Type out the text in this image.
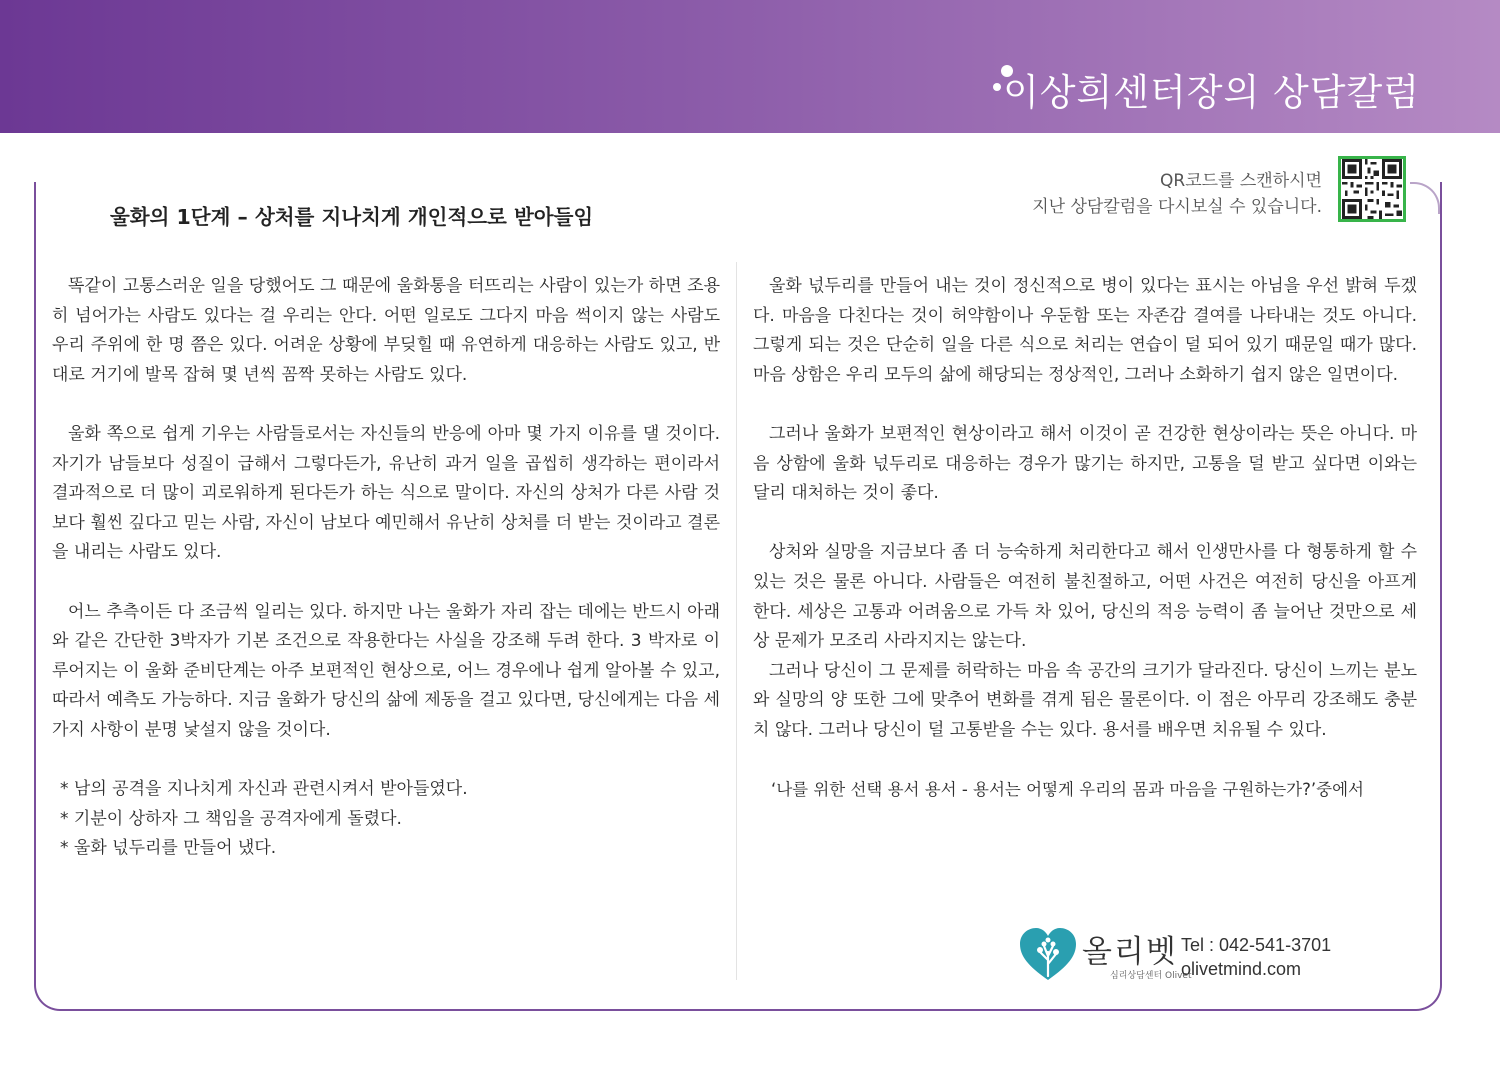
이상희센터장의 상담칼럼
울화의 1단계 – 상처를 지나치게 개인적으로 받아들임
QR코드를 스캔하시면
지난 상담칼럼을 다시보실 수 있습니다.

똑같이 고통스러운 일을 당했어도 그 때문에 울화통을 터뜨리는 사람이 있는가 하면 조용히 넘어가는 사람도 있다는 걸 우리는 안다. 어떤 일로도 그다지 마음 썩이지 않는 사람도 우리 주위에 한 명 쯤은 있다. 어려운 상황에 부딪힐 때 유연하게 대응하는 사람도 있고, 반대로 거기에 발목 잡혀 몇 년씩 꼼짝 못하는 사람도 있다.

울화 쪽으로 쉽게 기우는 사람들로서는 자신들의 반응에 아마 몇 가지 이유를 댈 것이다. 자기가 남들보다 성질이 급해서 그렇다든가, 유난히 과거 일을 곱씹히 생각하는 편이라서 결과적으로 더 많이 괴로워하게 된다든가 하는 식으로 말이다. 자신의 상처가 다른 사람 것보다 훨씬 깊다고 믿는 사람, 자신이 남보다 예민해서 유난히 상처를 더 받는 것이라고 결론을 내리는 사람도 있다.

어느 추측이든 다 조금씩 일리는 있다. 하지만 나는 울화가 자리 잡는 데에는 반드시 아래와 같은 간단한 3박자가 기본 조건으로 작용한다는 사실을 강조해 두려 한다. 3 박자로 이루어지는 이 울화 준비단계는 아주 보편적인 현상으로, 어느 경우에나 쉽게 알아볼 수 있고, 따라서 예측도 가능하다. 지금 울화가 당신의 삶에 제동을 걸고 있다면, 당신에게는 다음 세가지 사항이 분명 낯설지 않을 것이다.

* 남의 공격을 지나치게 자신과 관련시켜서 받아들였다.
* 기분이 상하자 그 책임을 공격자에게 돌렸다.
* 울화 넋두리를 만들어 냈다.

울화 넋두리를 만들어 내는 것이 정신적으로 병이 있다는 표시는 아님을 우선 밝혀 두겠다. 마음을 다친다는 것이 허약함이나 우둔함 또는 자존감 결여를 나타내는 것도 아니다. 그렇게 되는 것은 단순히 일을 다른 식으로 처리는 연습이 덜 되어 있기 때문일 때가 많다. 마음 상함은 우리 모두의 삶에 해당되는 정상적인, 그러나 소화하기 쉽지 않은 일면이다.

그러나 울화가 보편적인 현상이라고 해서 이것이 곧 건강한 현상이라는 뜻은 아니다. 마음 상함에 울화 넋두리로 대응하는 경우가 많기는 하지만, 고통을 덜 받고 싶다면 이와는 달리 대처하는 것이 좋다.

상처와 실망을 지금보다 좀 더 능숙하게 처리한다고 해서 인생만사를 다 형통하게 할 수 있는 것은 물론 아니다. 사람들은 여전히 불친절하고, 어떤 사건은 여전히 당신을 아프게 한다. 세상은 고통과 어려움으로 가득 차 있어, 당신의 적응 능력이 좀 늘어난 것만으로 세상 문제가 모조리 사라지지는 않는다.

그러나 당신이 그 문제를 허락하는 마음 속 공간의 크기가 달라진다. 당신이 느끼는 분노와 실망의 양 또한 그에 맞추어 변화를 겪게 됨은 물론이다. 이 점은 아무리 강조해도 충분치 않다. 그러나 당신이 덜 고통받을 수는 있다. 용서를 배우면 치유될 수 있다.

‘나를 위한 선택 용서 용서 - 용서는 어떻게 우리의 몸과 마음을 구원하는가?’중에서
올리벳
심리상담센터 Olivet
Tel : 042-541-3701
olivetmind.com
